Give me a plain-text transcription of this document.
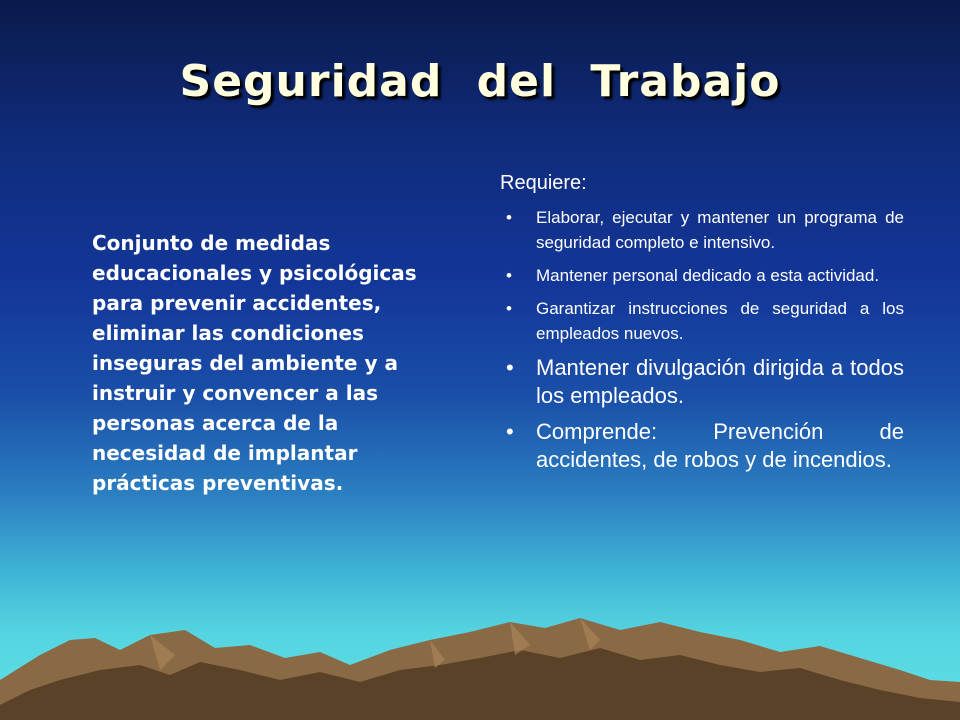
Seguridad del Trabajo
Conjunto de medidas educacionales y psicológicas para prevenir accidentes, eliminar las condiciones inseguras del ambiente y a instruir y convencer a las personas acerca de la necesidad de implantar prácticas preventivas.
Requiere:
• Elaborar, ejecutar y mantener un programa de seguridad completo e intensivo.
• Mantener personal dedicado a esta actividad.
• Garantizar instrucciones de seguridad a los empleados nuevos.
• Mantener divulgación dirigida a todos los empleados.
• Comprende: Prevención de accidentes, de robos y de incendios.
